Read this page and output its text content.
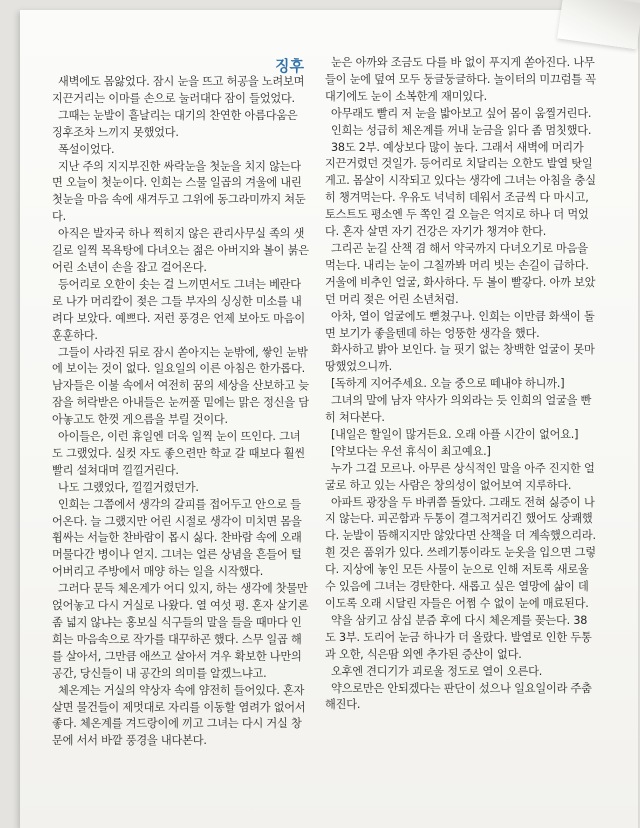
징후

새벽에도 몸앓었다. 잠시 눈을 뜨고 허공을 노려보며 지끈거리는 이마를 손으로 눌러대다 잠이 들었었다.

그때는 눈발이 흩날리는 대기의 찬연한 아름다움은 징후조차 느끼지 못했었다.

폭설이었다.

지난 주의 지지부진한 싸락눈을 첫눈을 치지 않는다면 오늘이 첫눈이다. 인희는 스물 일곱의 겨울에 내린 첫눈을 마음 속에 새겨두고 그위에 동그라미까지 쳐둔다.

아직은 발자국 하나 찍히지 않은 관리사무실 족의 샛길로 일찍 목욕탕에 다녀오는 젊은 아버지와 볼이 붉은 어린 소년이 손을 잡고 걸어온다.

등어리로 오한이 솟는 걸 느끼면서도 그녀는 베란다로 나가 머리칼이 젖은 그들 부자의 싱싱한 미소를 내려다 보았다. 예쁘다. 저런 풍경은 언제 보아도 마음이 훈훈하다.

그들이 사라진 뒤로 잠시 쏟아지는 눈밖에, 쌓인 눈밖에 보이는 것이 없다. 일요일의 이른 아침은 한가롭다. 남자들은 이불 속에서 여전히 꿈의 세상을 산보하고 늦잠을 허락받은 아내들은 눈꺼풀 밑에는 맑은 정신을 담아놓고도 한껏 게으름을 부릴 것이다.

아이들은, 이런 휴일엔 더욱 일찍 눈이 뜨인다. 그녀도 그랬었다. 실컷 자도 좋으련만 학교 갈 때보다 훨씬 빨리 설쳐대며 낄낄거린다.

나도 그랬었다, 낄낄거렸던가.

인희는 그쯤에서 생각의 갈피를 접어두고 안으로 들어온다. 늘 그랬지만 어린 시절로 생각이 미치면 몸을 휩싸는 서늘한 찬바람이 몹시 싫다. 찬바람 속에 오래 머물다간 병이나 얻지. 그녀는 얼른 상념을 흔들어 털어버리고 주방에서 매양 하는 일을 시작했다.

그러다 문득 체온계가 어디 있지, 하는 생각에 찻물만 얹어놓고 다시 거실로 나왔다. 열 여섯 평. 혼자 살기론 좀 넓지 않냐는 홍보실 식구들의 말을 들을 때마다 인희는 마음속으로 작가를 대꾸하곤 했다. 스무 일곱 해를 살아서, 그만큼 애쓰고 살아서 겨우 확보한 나만의 공간, 당신들이 내 공간의 의미를 알겠느냐고.

체온계는 거실의 약상자 속에 얌전히 들어있다. 혼자 살면 물건들이 제멋대로 자리를 이동할 염려가 없어서 좋다. 체온계를 겨드랑이에 끼고 그녀는 다시 거실 창문에 서서 바깥 풍경을 내다본다.

눈은 아까와 조금도 다를 바 없이 푸지게 쏟아진다. 나무들이 눈에 덮여 모두 둥글둥글하다. 놀이터의 미끄럼틀 꼭대기에도 눈이 소복한게 재미있다.

아무래도 빨리 저 눈을 밟아보고 싶어 몸이 움찔거린다.

인희는 성급히 체온계를 꺼내 눈금을 읽다 좀 멈칫했다.

38도 2부. 예상보다 많이 높다. 그래서 새벽에 머리가 지끈거렸던 것일가. 등어리로 치달리는 오한도 발열 탓일게고. 몸살이 시작되고 있다는 생각에 그녀는 아침을 충실히 챙겨먹는다. 우유도 넉넉히 데워서 조금씩 다 마시고, 토스트도 평소엔 두 쪽인 걸 오늘은 억지로 하나 더 먹었다. 혼자 살면 자기 건강은 자기가 챙겨야 한다.

그리곤 눈길 산책 겸 해서 약국까지 다녀오기로 마음을 먹는다. 내리는 눈이 그칠까봐 머리 빗는 손길이 급하다. 거울에 비추인 얼굴, 화사하다. 두 볼이 빨갛다. 아까 보았던 머리 젖은 어린 소년처럼.

아차, 열이 얼굴에도 뻗쳤구나. 인희는 이만큼 화색이 돌면 보기가 좋을텐데 하는 엉뚱한 생각을 했다.

화사하고 밝아 보인다. 늘 핏기 없는 창백한 얼굴이 못마땅했었으니까.

[독하게 지어주세요. 오늘 중으로 떼내야 하니까.]

그녀의 말에 남자 약사가 의외라는 듯 인희의 얼굴을 빤히 쳐다본다.

[내일은 할일이 많거든요. 오래 아플 시간이 없어요.]

[약보다는 우선 휴식이 최고예요.]

누가 그걸 모르나. 아무른 상식적인 말을 아주 진지한 얼굴로 하고 있는 사람은 창의성이 없어보여 지루하다.

아파트 광장을 두 바퀴쯤 돌았다. 그래도 전혀 싫증이 나지 않는다. 피곤함과 두통이 결그적거리긴 했어도 상쾌했다. 눈발이 뜸해지지만 않았다면 산책을 더 계속했으리라. 흰 것은 품위가 있다. 쓰레기통이라도 눈옷을 입으면 그렇다. 지상에 놓인 모든 사물이 눈으로 인해 저토록 새로울 수 있음에 그녀는 경탄한다. 새롭고 싶은 열망에 삶이 데이도록 오래 시달린 자들은 어쩜 수 없이 눈에 매료된다.

약을 삼키고 삼십 분즘 후에 다시 체온계를 꽂는다. 38도 3부. 도리어 눈금 하나가 더 올랐다. 발열로 인한 두통과 오한, 식은땀 외엔 추가된 증산이 없다.

오후엔 견디기가 괴로울 정도로 열이 오른다.

약으로만은 안되겠다는 판단이 섰으나 일요일이라 주춤해진다.
